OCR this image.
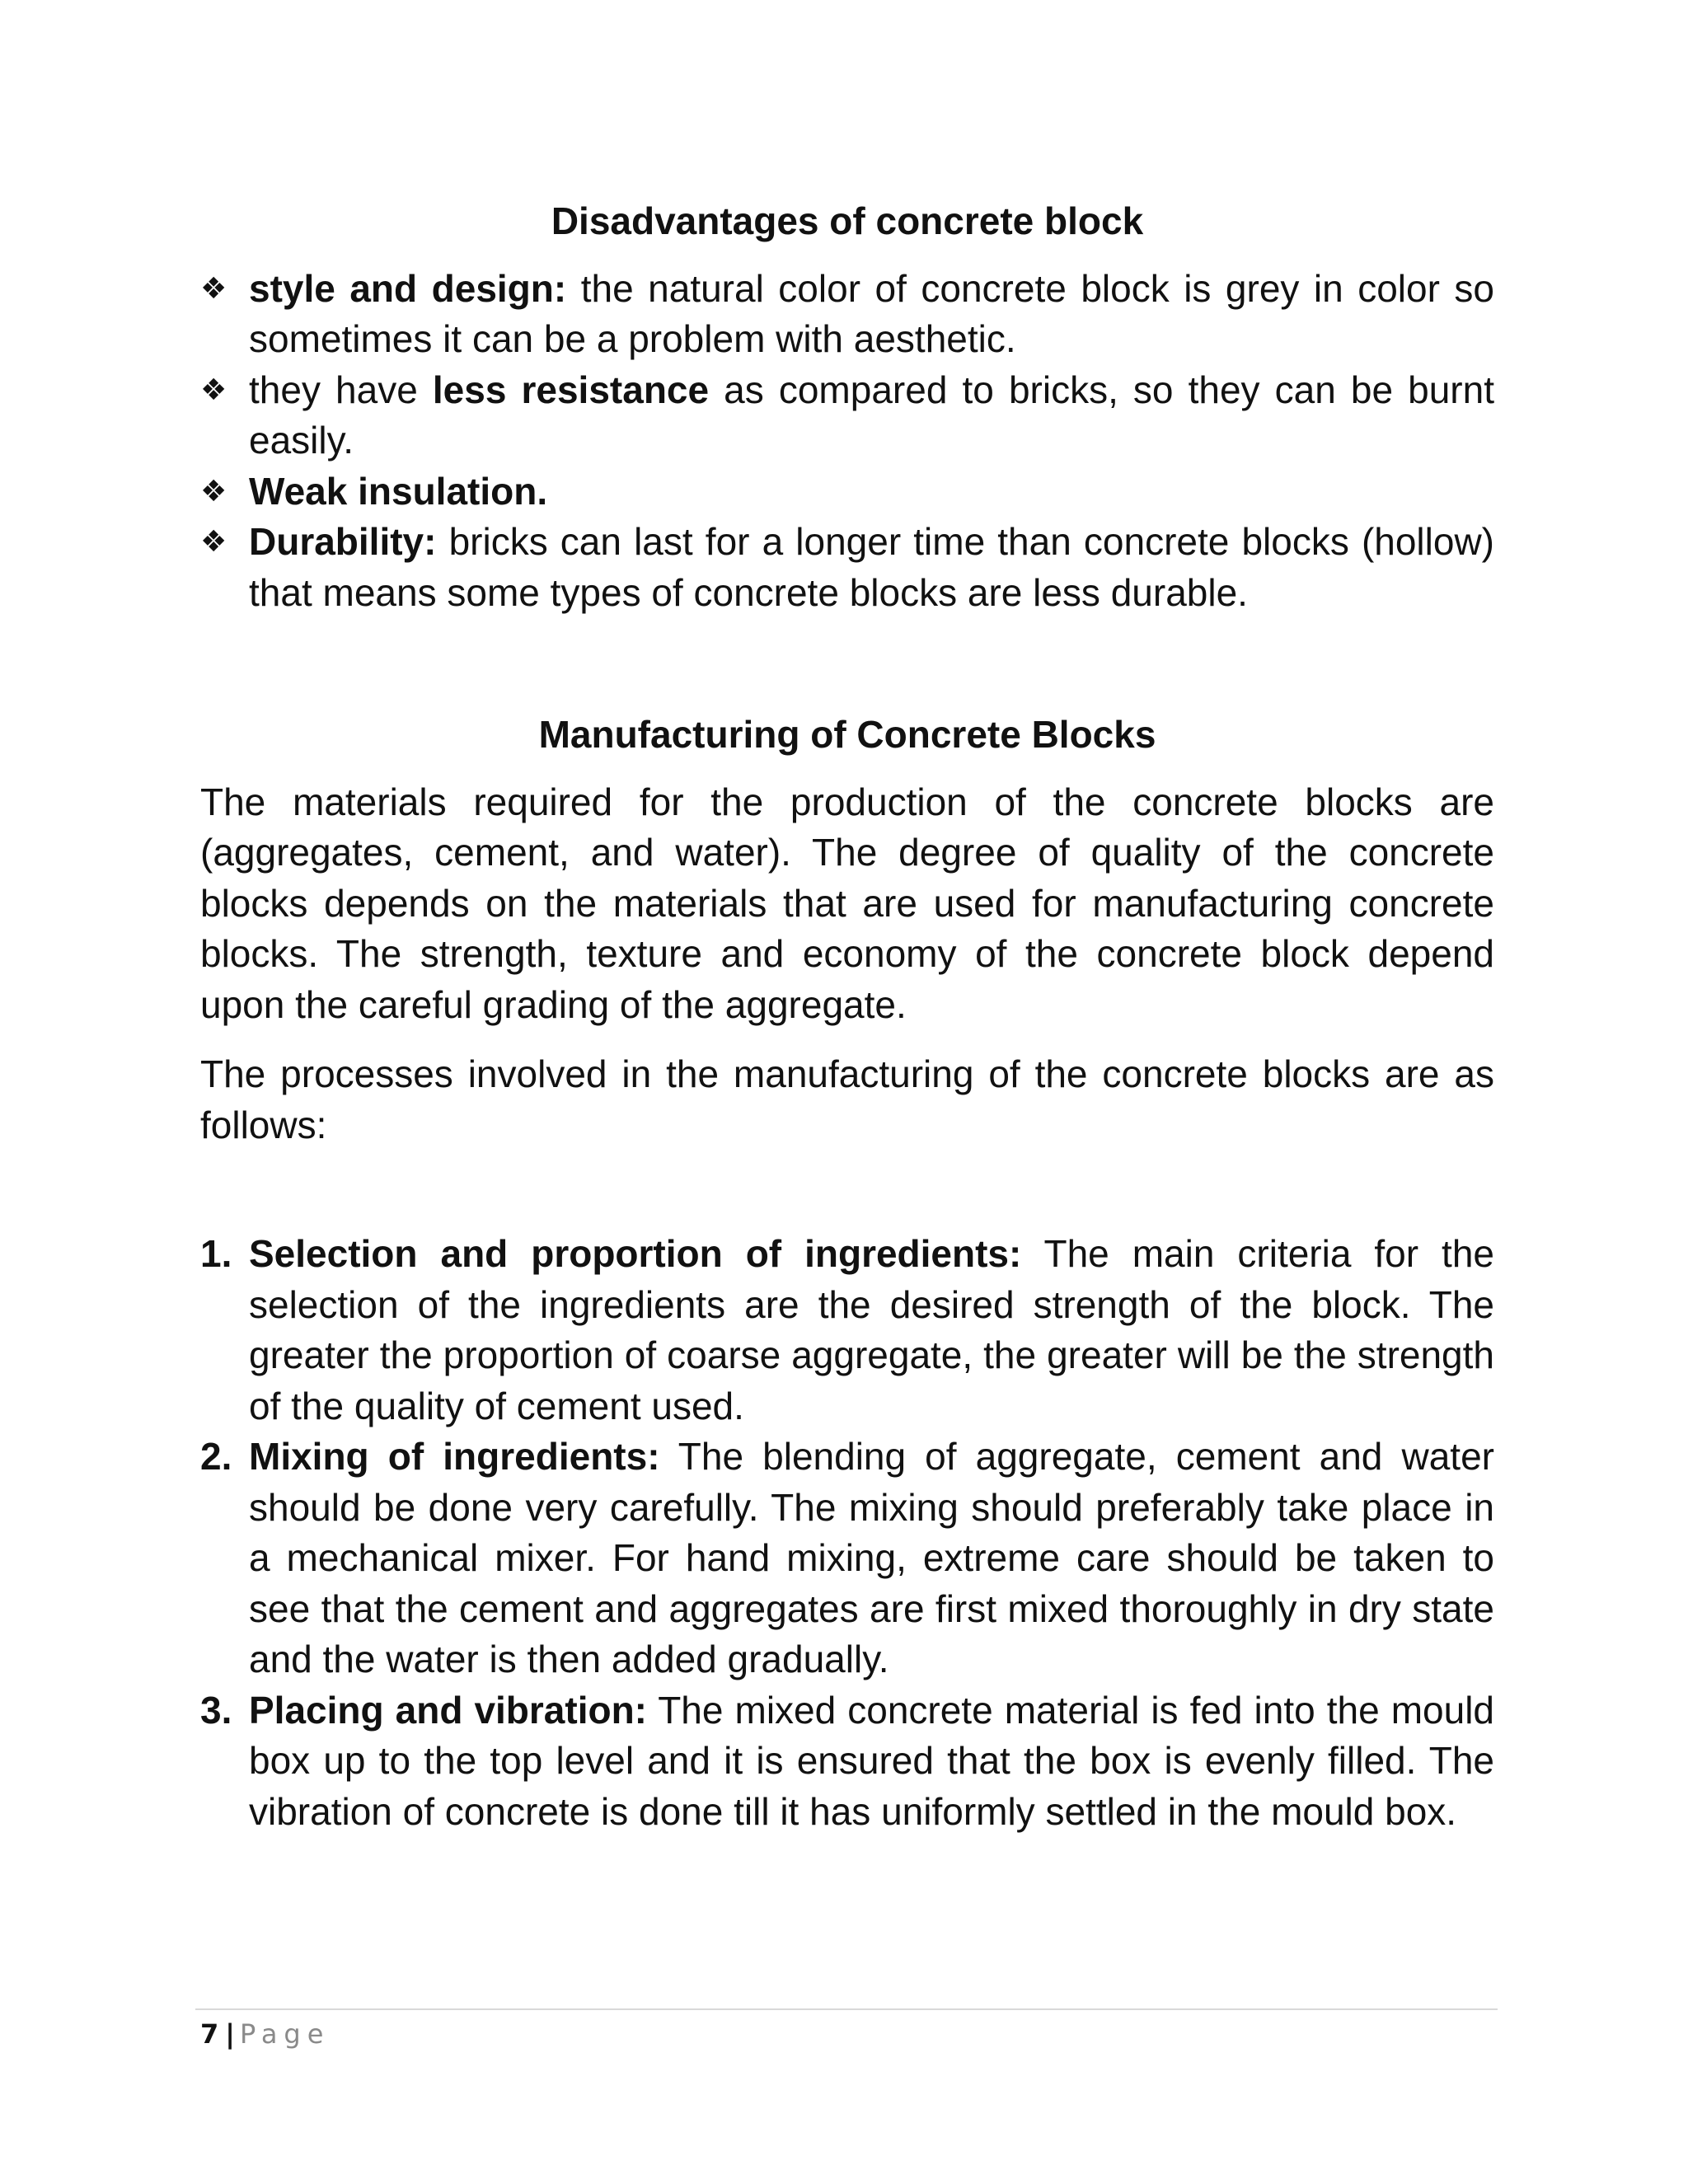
Disadvantages of concrete block
❖ style and design: the natural color of concrete block is grey in color so sometimes it can be a problem with aesthetic.
❖ they have less resistance as compared to bricks, so they can be burnt easily.
❖ Weak insulation.
❖ Durability: bricks can last for a longer time than concrete blocks (hollow) that means some types of concrete blocks are less durable.
Manufacturing of Concrete Blocks

The materials required for the production of the concrete blocks are (aggregates, cement, and water). The degree of quality of the concrete blocks depends on the materials that are used for manufacturing concrete blocks. The strength, texture and economy of the concrete block depend upon the careful grading of the aggregate.

The processes involved in the manufacturing of the concrete blocks are as follows:

1. Selection and proportion of ingredients: The main criteria for the selection of the ingredients are the desired strength of the block. The greater the proportion of coarse aggregate, the greater will be the strength of the quality of cement used.
2. Mixing of ingredients: The blending of aggregate, cement and water should be done very carefully. The mixing should preferably take place in a mechanical mixer. For hand mixing, extreme care should be taken to see that the cement and aggregates are first mixed thoroughly in dry state and the water is then added gradually.
3. Placing and vibration: The mixed concrete material is fed into the mould box up to the top level and it is ensured that the box is evenly filled. The vibration of concrete is done till it has uniformly settled in the mould box.
7 | Page
